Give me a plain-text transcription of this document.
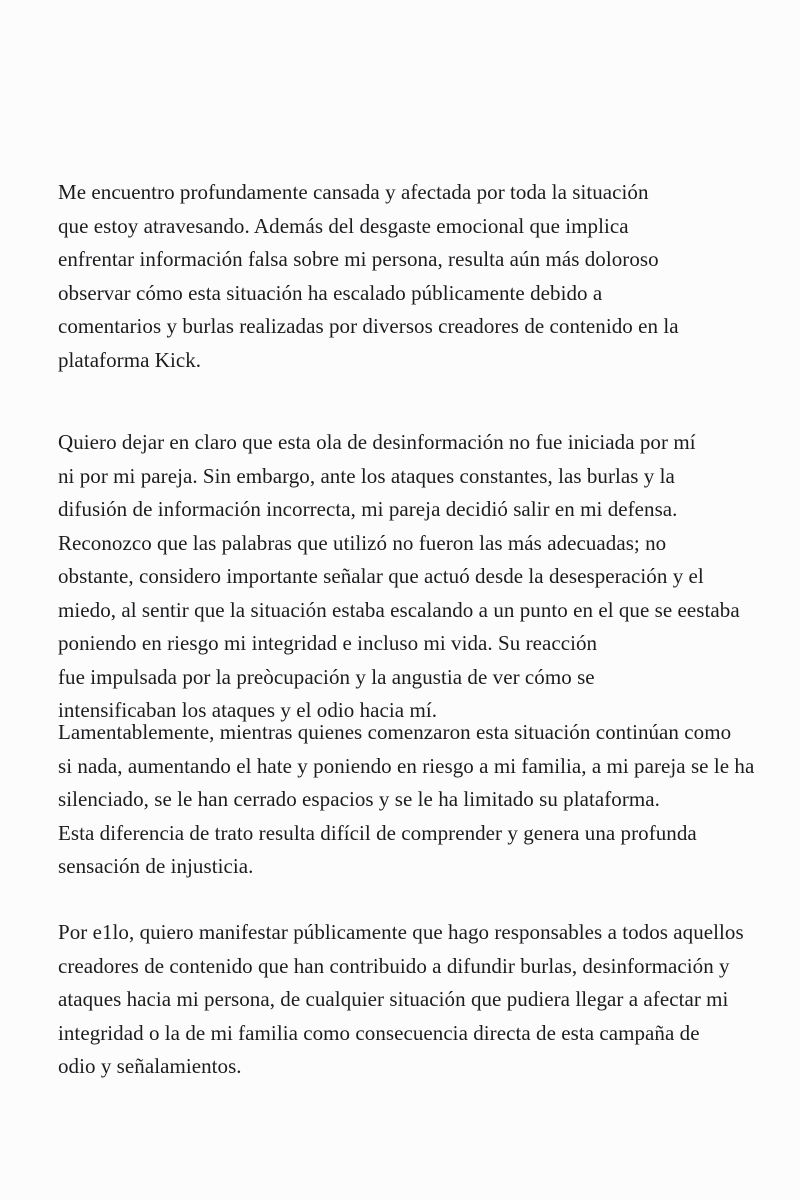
Me encuentro profundamente cansada y afectada por toda la situación
que estoy atravesando. Además del desgaste emocional que implica
enfrentar información falsa sobre mi persona, resulta aún más doloroso
observar cómo esta situación ha escalado públicamente debido a
comentarios y burlas realizadas por diversos creadores de contenido en la
plataforma Kick.

Quiero dejar en claro que esta ola de desinformación no fue iniciada por mí
ni por mi pareja. Sin embargo, ante los ataques constantes, las burlas y la
difusión de información incorrecta, mi pareja decidió salir en mi defensa.
Reconozco que las palabras que utilizó no fueron las más adecuadas; no
obstante, considero importante señalar que actuó desde la desesperación y el
miedo, al sentir que la situación estaba escalando a un punto en el que se eestaba
poniendo en riesgo mi integridad e incluso mi vida. Su reacción
fue impulsada por la preòcupación y la angustia de ver cómo se
intensificaban los ataques y el odio hacia mí.

Lamentablemente, mientras quienes comenzaron esta situación continúan como
si nada, aumentando el hate y poniendo en riesgo a mi familia, a mi pareja se le ha
silenciado, se le han cerrado espacios y se le ha limitado su plataforma.
Esta diferencia de trato resulta difícil de comprender y genera una profunda
sensación de injusticia.

Por e1lo, quiero manifestar públicamente que hago responsables a todos aquellos
creadores de contenido que han contribuido a difundir burlas, desinformación y
ataques hacia mi persona, de cualquier situación que pudiera llegar a afectar mi
integridad o la de mi familia como consecuencia directa de esta campaña de
odio y señalamientos.
